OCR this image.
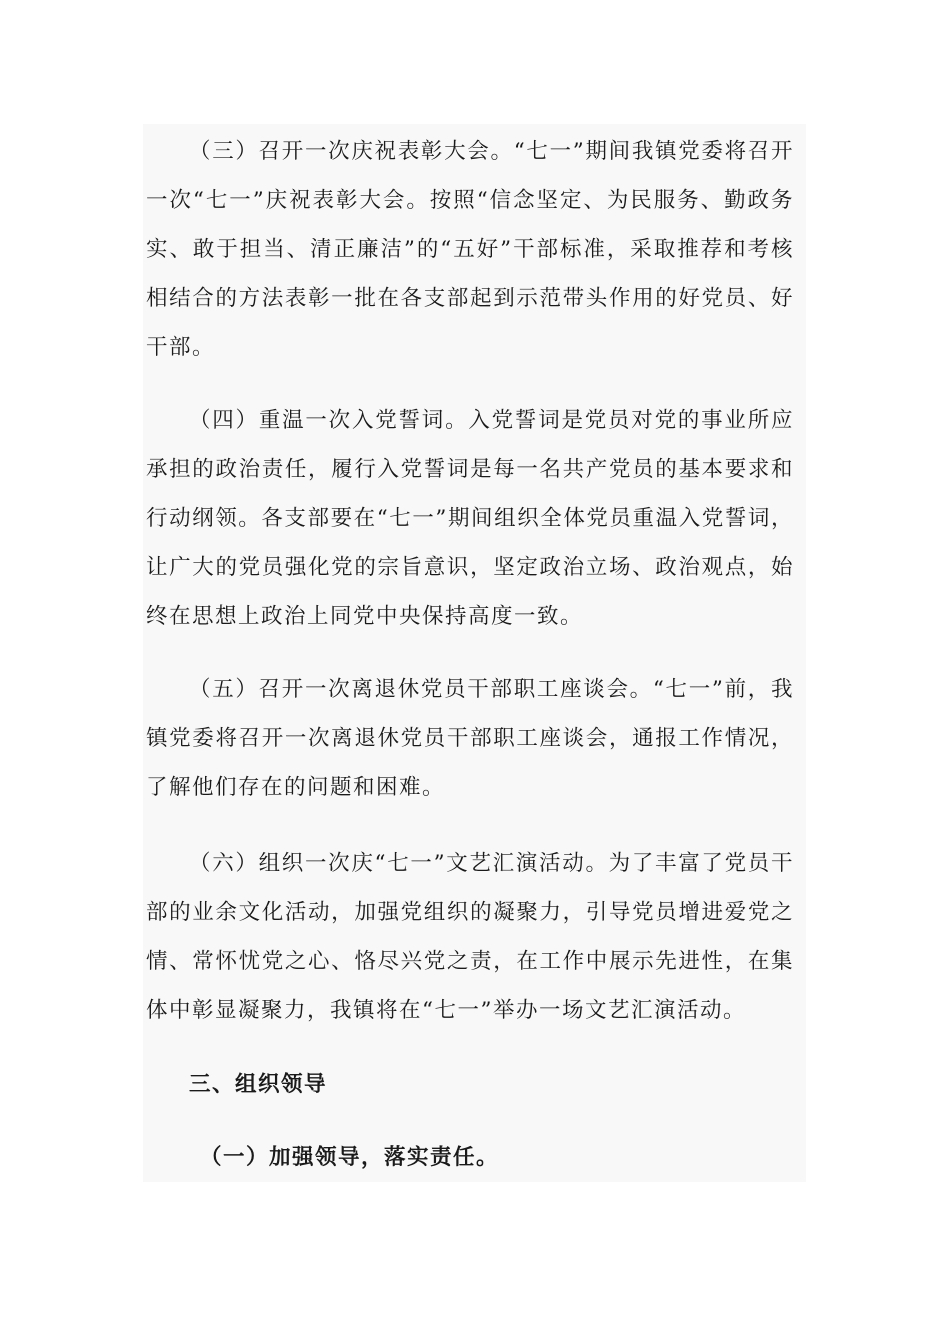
（三）召开一次庆祝表彰大会。“七一”期间我镇党委将召开一次“七一”庆祝表彰大会。按照“信念坚定、为民服务、勤政务实、敢于担当、清正廉洁”的“五好”干部标准，采取推荐和考核相结合的方法表彰一批在各支部起到示范带头作用的好党员、好干部。

（四）重温一次入党誓词。入党誓词是党员对党的事业所应承担的政治责任，履行入党誓词是每一名共产党员的基本要求和行动纲领。各支部要在“七一”期间组织全体党员重温入党誓词，让广大的党员强化党的宗旨意识，坚定政治立场、政治观点，始终在思想上政治上同党中央保持高度一致。

（五）召开一次离退休党员干部职工座谈会。“七一”前，我镇党委将召开一次离退休党员干部职工座谈会，通报工作情况，了解他们存在的问题和困难。

（六）组织一次庆“七一”文艺汇演活动。为了丰富了党员干部的业余文化活动，加强党组织的凝聚力，引导党员增进爱党之情、常怀忧党之心、恪尽兴党之责，在工作中展示先进性，在集体中彰显凝聚力，我镇将在“七一”举办一场文艺汇演活动。

三、组织领导
（一）加强领导，落实责任。
